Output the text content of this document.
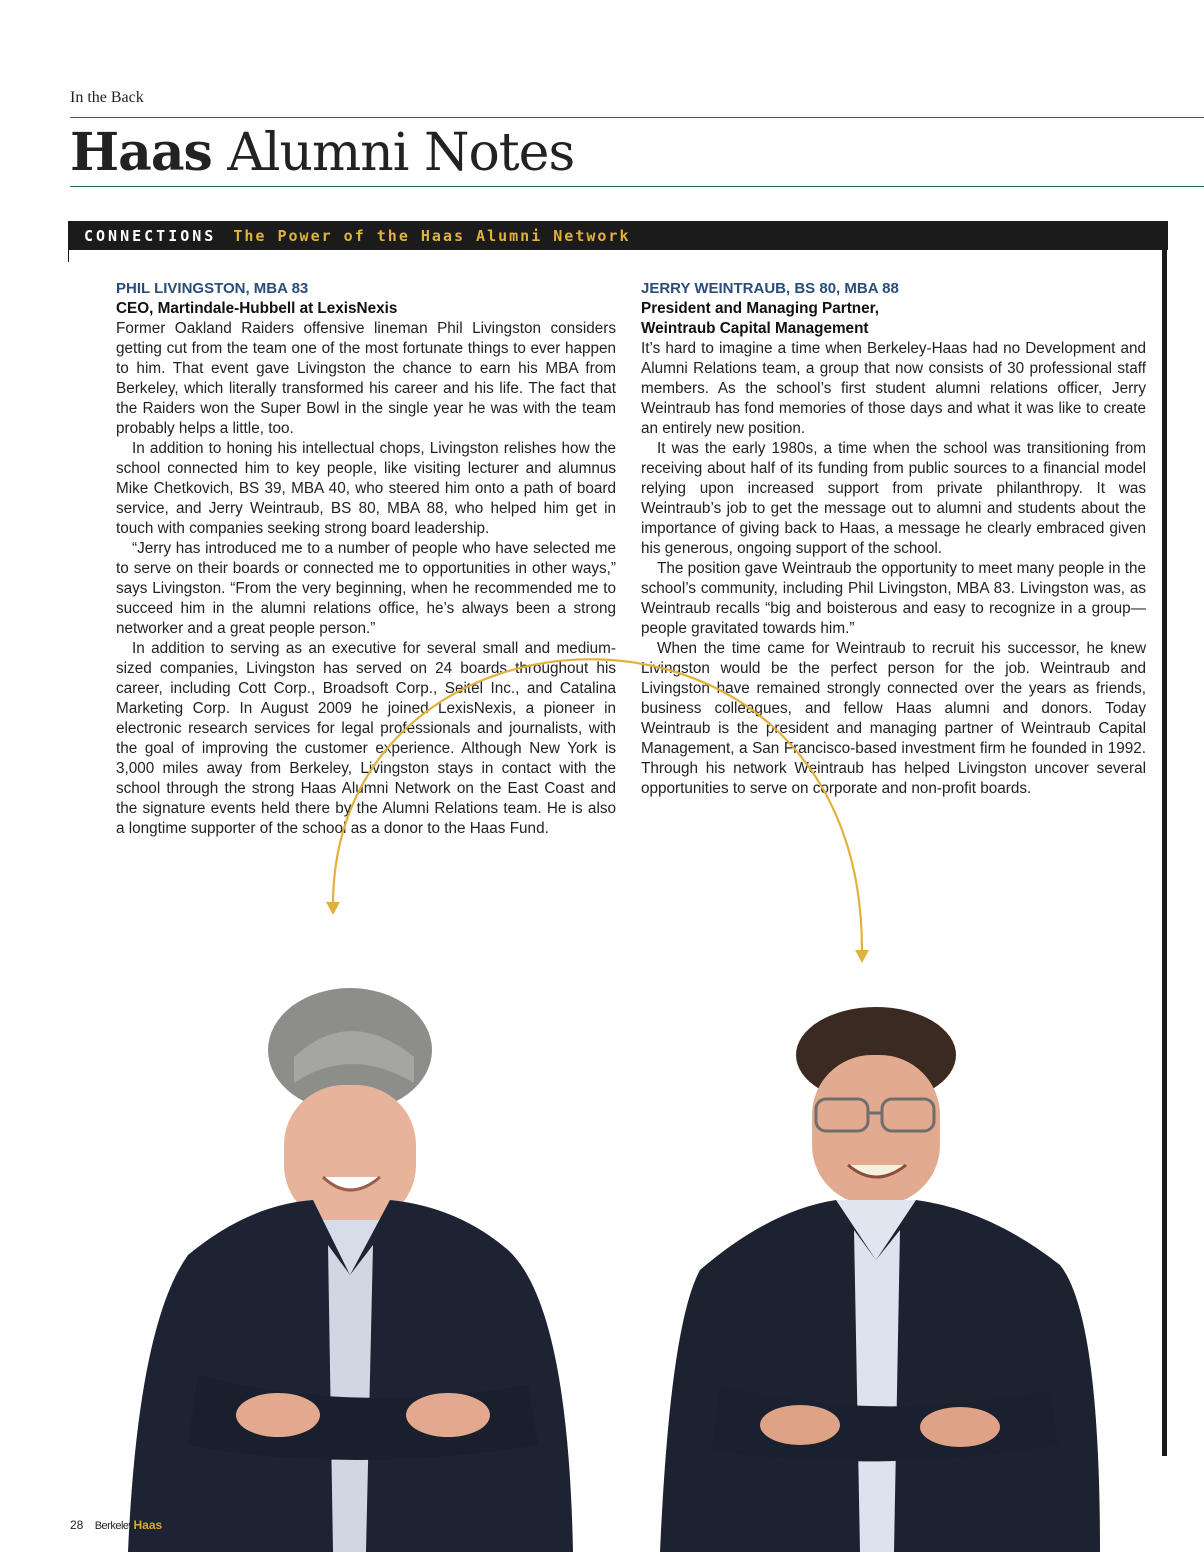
In the Back
Haas Alumni Notes
CONNECTIONS The Power of the Haas Alumni Network

PHIL LIVINGSTON, MBA 83

CEO, Martindale-Hubbell at LexisNexis

Former Oakland Raiders offensive lineman Phil Livingston considers getting cut from the team one of the most fortunate things to ever happen to him. That event gave Livingston the chance to earn his MBA from Berkeley, which literally transformed his career and his life. The fact that the Raiders won the Super Bowl in the single year he was with the team probably helps a little, too.

In addition to honing his intellectual chops, Livingston relishes how the school connected him to key people, like visiting lecturer and alumnus Mike Chetkovich, BS 39, MBA 40, who steered him onto a path of board service, and Jerry Weintraub, BS 80, MBA 88, who helped him get in touch with companies seeking strong board leadership.

“Jerry has introduced me to a number of people who have selected me to serve on their boards or connected me to opportunities in other ways,” says Livingston. “From the very beginning, when he recommended me to succeed him in the alumni relations office, he’s always been a strong networker and a great people person.”

In addition to serving as an executive for several small and medium-sized companies, Livingston has served on 24 boards throughout his career, including Cott Corp., Broadsoft Corp., Seitel Inc., and Catalina Marketing Corp. In August 2009 he joined LexisNexis, a pioneer in electronic research services for legal professionals and journalists, with the goal of improving the customer experience. Although New York is 3,000 miles away from Berkeley, Livingston stays in contact with the school through the strong Haas Alumni Network on the East Coast and the signature events held there by the Alumni Relations team. He is also a longtime supporter of the school as a donor to the Haas Fund.

JERRY WEINTRAUB, BS 80, MBA 88

President and Managing Partner,

Weintraub Capital Management

It’s hard to imagine a time when Berkeley-Haas had no Development and Alumni Relations team, a group that now consists of 30 professional staff members. As the school’s first student alumni relations officer, Jerry Weintraub has fond memories of those days and what it was like to create an entirely new position.

It was the early 1980s, a time when the school was transitioning from receiving about half of its funding from public sources to a financial model relying upon increased support from private philanthropy. It was Weintraub’s job to get the message out to alumni and students about the importance of giving back to Haas, a message he clearly embraced given his generous, ongoing support of the school.

The position gave Weintraub the opportunity to meet many people in the school’s community, including Phil Livingston, MBA 83. Livingston was, as Weintraub recalls “big and boisterous and easy to recognize in a group—people gravitated towards him.”

When the time came for Weintraub to recruit his successor, he knew Livingston would be the perfect person for the job. Weintraub and Livingston have remained strongly connected over the years as friends, business colleagues, and fellow Haas alumni and donors. Today Weintraub is the president and managing partner of Weintraub Capital Management, a San Francisco-based investment firm he founded in 1992. Through his network Weintraub has helped Livingston uncover several opportunities to serve on corporate and non-profit boards.

28 BerkeleyHaas
